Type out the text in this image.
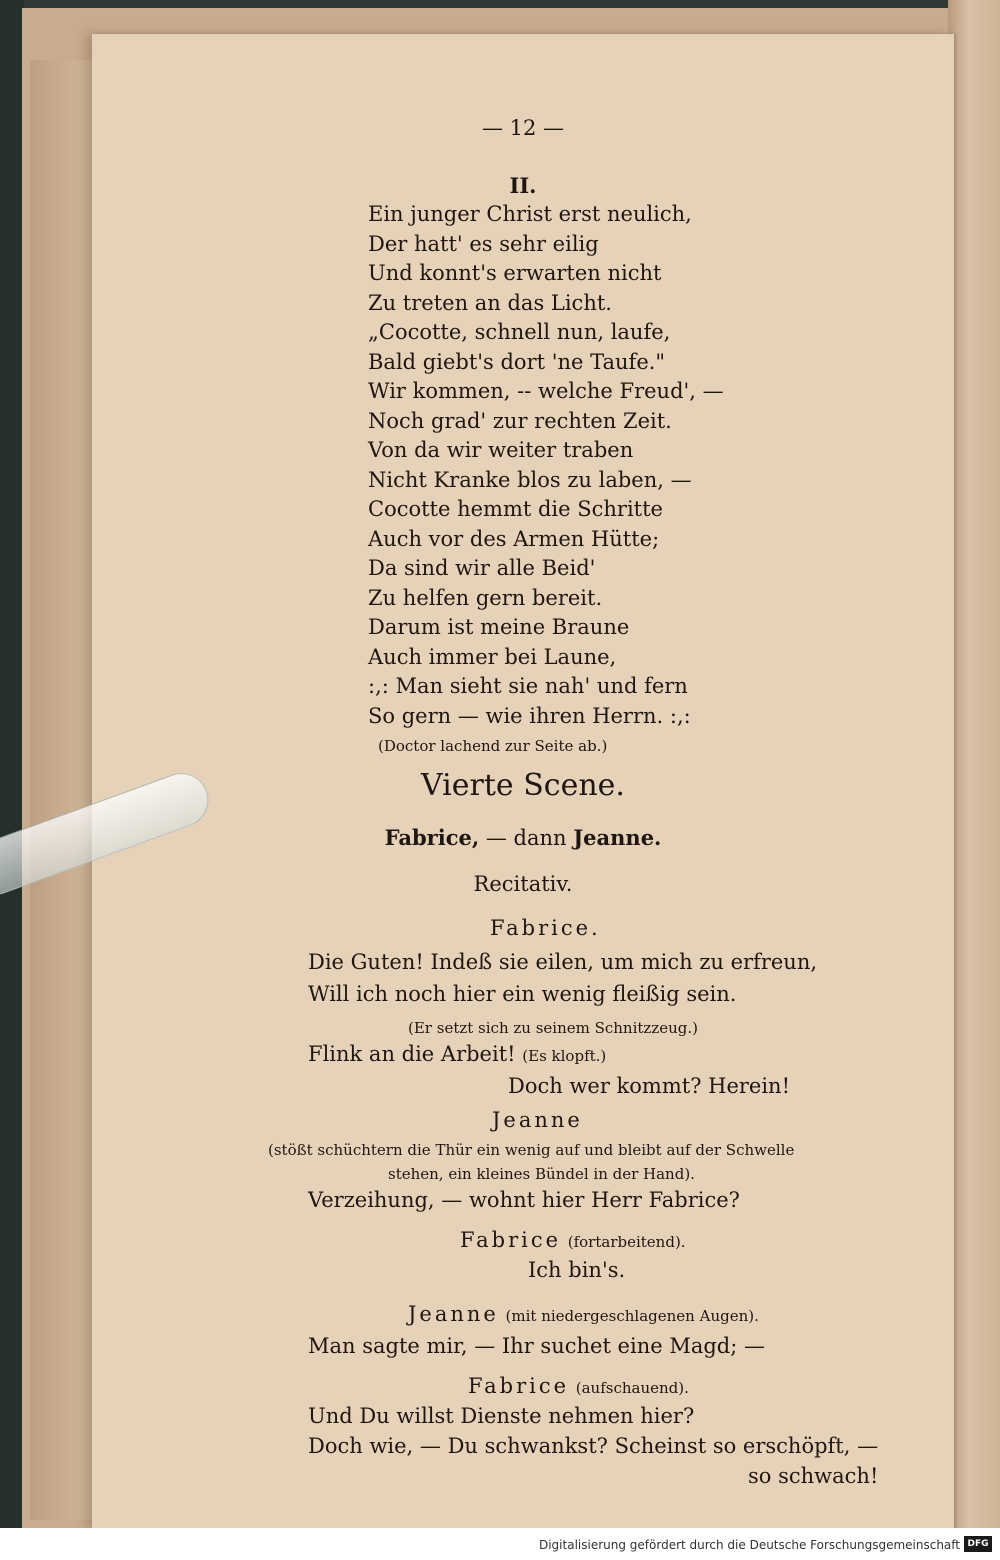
— 12 —
II.
Ein junger Christ erst neulich,
Der hatt' es sehr eilig
Und konnt's erwarten nicht
Zu treten an das Licht.
„Cocotte, schnell nun, laufe,
Bald giebt's dort 'ne Taufe."
Wir kommen, -- welche Freud', —
Noch grad' zur rechten Zeit.
Von da wir weiter traben
Nicht Kranke blos zu laben, —
Cocotte hemmt die Schritte
Auch vor des Armen Hütte;
Da sind wir alle Beid'
Zu helfen gern bereit.
Darum ist meine Braune
Auch immer bei Laune,
:,: Man sieht sie nah' und fern
So gern — wie ihren Herrn. :,:
(Doctor lachend zur Seite ab.)
Vierte Scene.
Fabrice, — dann Jeanne.
Recitativ.
Fabrice.
Die Guten! Indeß sie eilen, um mich zu erfreun,
Will ich noch hier ein wenig fleißig sein.
(Er setzt sich zu seinem Schnitzzeug.)
Flink an die Arbeit! (Es klopft.)
Doch wer kommt? Herein!
Jeanne
(stößt schüchtern die Thür ein wenig auf und bleibt auf der Schwelle
stehen, ein kleines Bündel in der Hand).
Verzeihung, — wohnt hier Herr Fabrice?
Fabrice (fortarbeitend).
Ich bin's.
Jeanne (mit niedergeschlagenen Augen).
Man sagte mir, — Ihr suchet eine Magd; —
Fabrice (aufschauend).
Und Du willst Dienste nehmen hier?
Doch wie, — Du schwankst? Scheinst so erschöpft, —
so schwach!
Digitalisierung gefördert durch die Deutsche Forschungsgemeinschaft DFG
